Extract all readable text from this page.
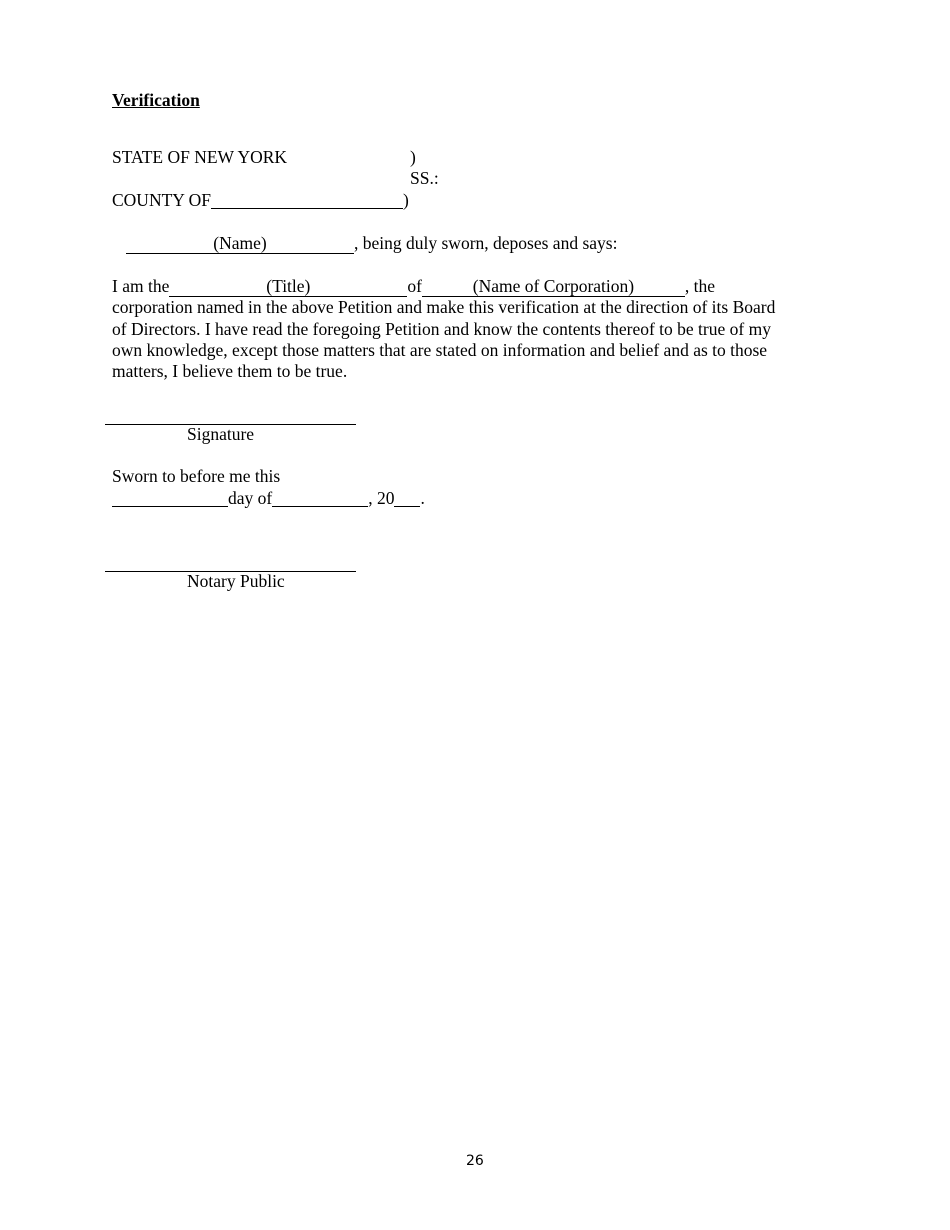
Verification
STATE OF NEW YORK	)
SS.:
COUNTY OF	)
(Name)	, being duly sworn, deposes and says:
I am the	(Title)	of	(Name of Corporation)	, the corporation named in the above Petition and make this verification at the direction of its Board of Directors. I have read the foregoing Petition and know the contents thereof to be true of my own knowledge, except those matters that are stated on information and belief and as to those matters, I believe them to be true.
Signature
Sworn to before me this
day of	, 20 .
Notary Public
26
